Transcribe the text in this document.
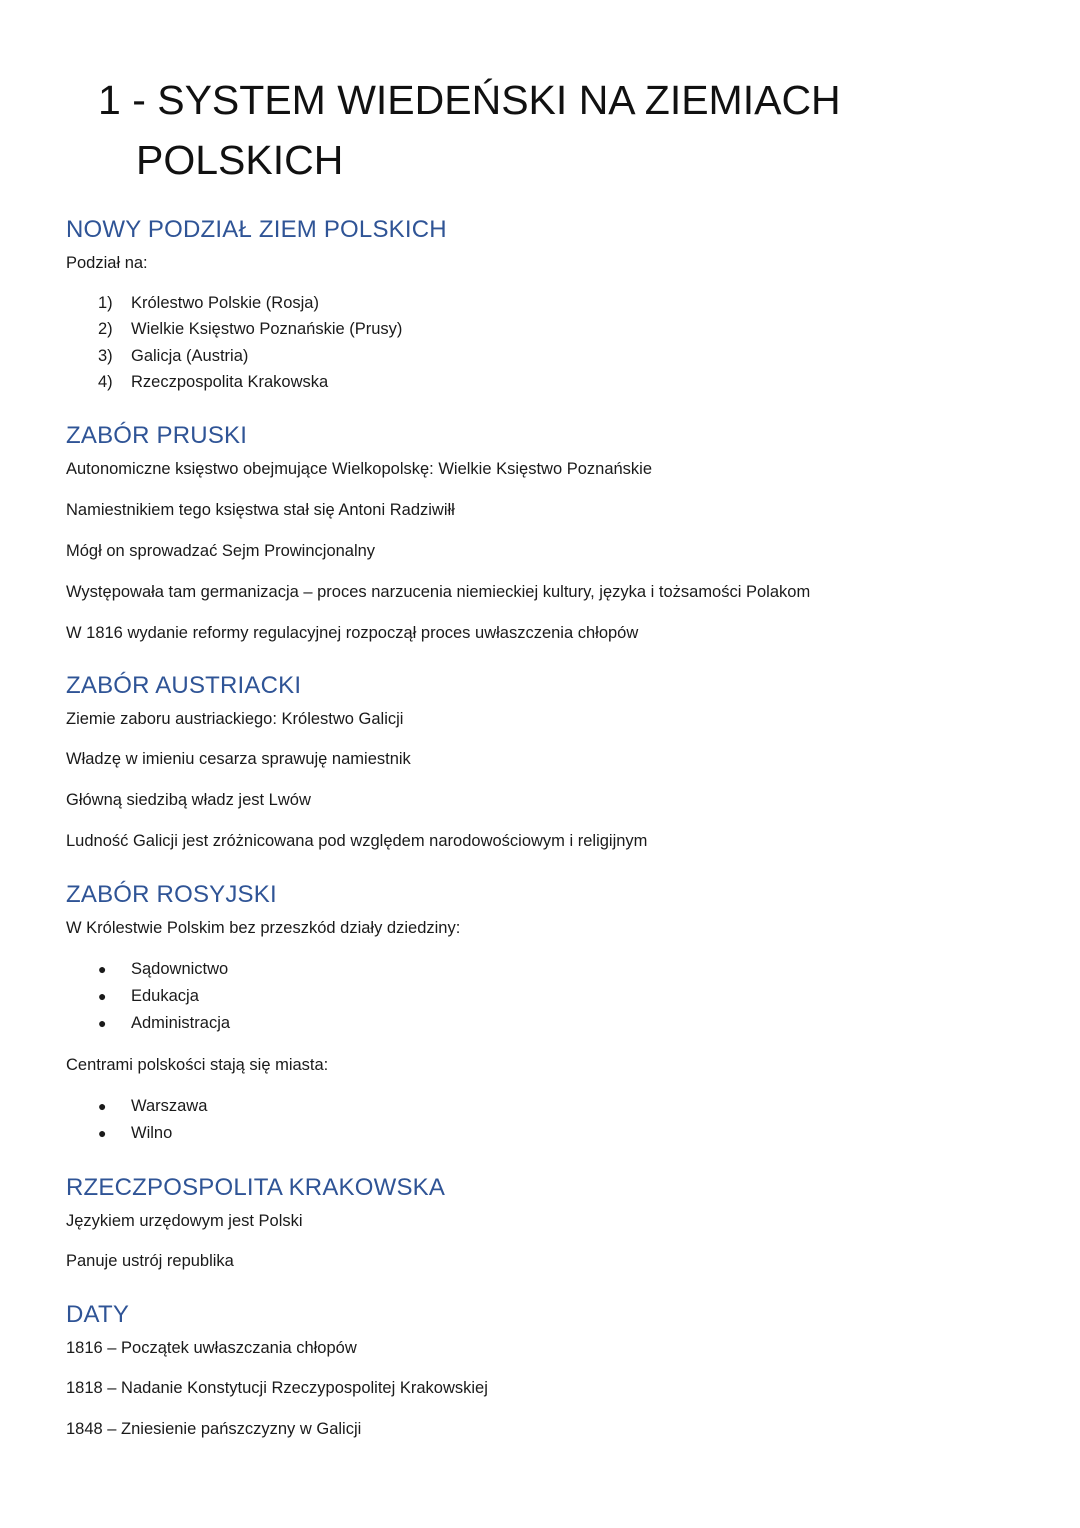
1 - SYSTEM WIEDEŃSKI NA ZIEMIACH
POLSKICH
NOWY PODZIAŁ ZIEM POLSKICH

Podział na:

1) Królestwo Polskie (Rosja)

2) Wielkie Księstwo Poznańskie (Prusy)

3) Galicja (Austria)

4) Rzeczpospolita Krakowska

ZABÓR PRUSKI

Autonomiczne księstwo obejmujące Wielkopolskę: Wielkie Księstwo Poznańskie

Namiestnikiem tego księstwa stał się Antoni Radziwiłł

Mógł on sprowadzać Sejm Prowincjonalny

Występowała tam germanizacja – proces narzucenia niemieckiej kultury, języka i tożsamości Polakom

W 1816 wydanie reformy regulacyjnej rozpoczął proces uwłaszczenia chłopów

ZABÓR AUSTRIACKI

Ziemie zaboru austriackiego: Królestwo Galicji

Władzę w imieniu cesarza sprawuję namiestnik

Główną siedzibą władz jest Lwów

Ludność Galicji jest zróżnicowana pod względem narodowościowym i religijnym

ZABÓR ROSYJSKI

W Królestwie Polskim bez przeszkód działy dziedziny:

● Sądownictwo

● Edukacja

● Administracja

Centrami polskości stają się miasta:

● Warszawa

● Wilno

RZECZPOSPOLITA KRAKOWSKA

Językiem urzędowym jest Polski

Panuje ustrój republika

DATY

1816 – Początek uwłaszczania chłopów

1818 – Nadanie Konstytucji Rzeczypospolitej Krakowskiej

1848 – Zniesienie pańszczyzny w Galicji
